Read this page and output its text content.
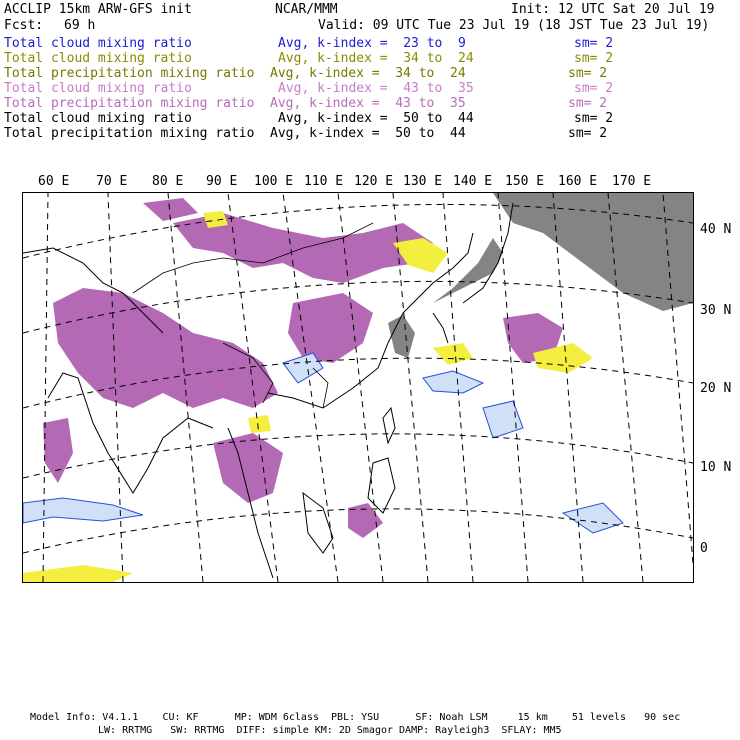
ACCLIP 15km ARW-GFS init	NCAR/MMM	Init: 12 UTC Sat 20 Jul 19
Fcst: 69 h	Valid: 09 UTC Tue 23 Jul 19 (18 JST Tue 23 Jul 19)
Total cloud mixing ratio	Avg, k-index =  23 to  9	sm= 2
Total cloud mixing ratio	Avg, k-index =  34 to  24	sm= 2
Total precipitation mixing ratio Avg, k-index =  34 to  24	sm= 2
Total cloud mixing ratio	Avg, k-index =  43 to  35	sm= 2
Total precipitation mixing ratio Avg, k-index =  43 to  35	sm= 2
Total cloud mixing ratio	Avg, k-index =  50 to  44	sm= 2
Total precipitation mixing ratio Avg, k-index =  50 to  44	sm= 2
60 E 70 E 80 E 90 E 100 E 110 E 120 E 130 E 140 E 150 E 160 E 170 E
40 N
30 N
20 N
10 N
0
Model Info: V4.1.1    CU: KF      MP: WDM 6class  PBL: YSU      SF: Noah LSM     15 km    51 levels   90 sec
LW: RRTMG   SW: RRTMG  DIFF: simple KM: 2D Smagor DAMP: Rayleigh3  SFLAY: MM5
